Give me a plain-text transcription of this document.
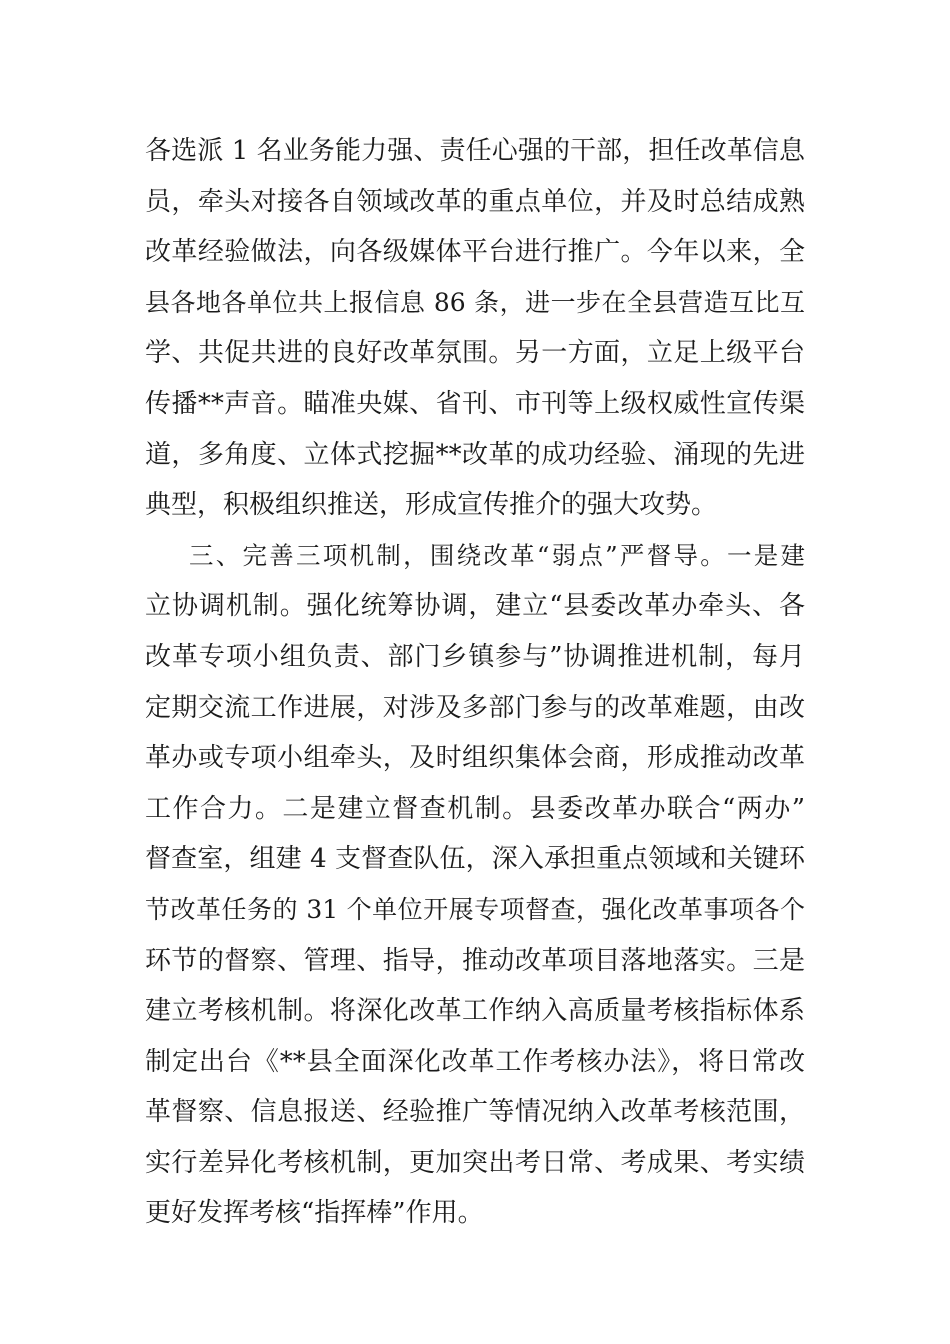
各选派 1 名业务能力强、责任心强的干部，担任改革信息
员，牵头对接各自领域改革的重点单位，并及时总结成熟
改革经验做法，向各级媒体平台进行推广。今年以来，全
县各地各单位共上报信息 86 条，进一步在全县营造互比互
学、共促共进的良好改革氛围。另一方面，立足上级平台
传播**声音。瞄准央媒、省刊、市刊等上级权威性宣传渠
道，多角度、立体式挖掘**改革的成功经验、涌现的先进
典型，积极组织推送，形成宣传推介的强大攻势。
三、完善三项机制，围绕改革“弱点”严督导。一是建
立协调机制。强化统筹协调，建立“县委改革办牵头、各
改革专项小组负责、部门乡镇参与”协调推进机制，每月
定期交流工作进展，对涉及多部门参与的改革难题，由改
革办或专项小组牵头，及时组织集体会商，形成推动改革
工作合力。二是建立督查机制。县委改革办联合“两办”
督查室，组建 4 支督查队伍，深入承担重点领域和关键环
节改革任务的 31 个单位开展专项督查，强化改革事项各个
环节的督察、管理、指导，推动改革项目落地落实。三是
建立考核机制。将深化改革工作纳入高质量考核指标体系
制定出台《**县全面深化改革工作考核办法》，将日常改
革督察、信息报送、经验推广等情况纳入改革考核范围，
实行差异化考核机制，更加突出考日常、考成果、考实绩
更好发挥考核“指挥棒”作用。
